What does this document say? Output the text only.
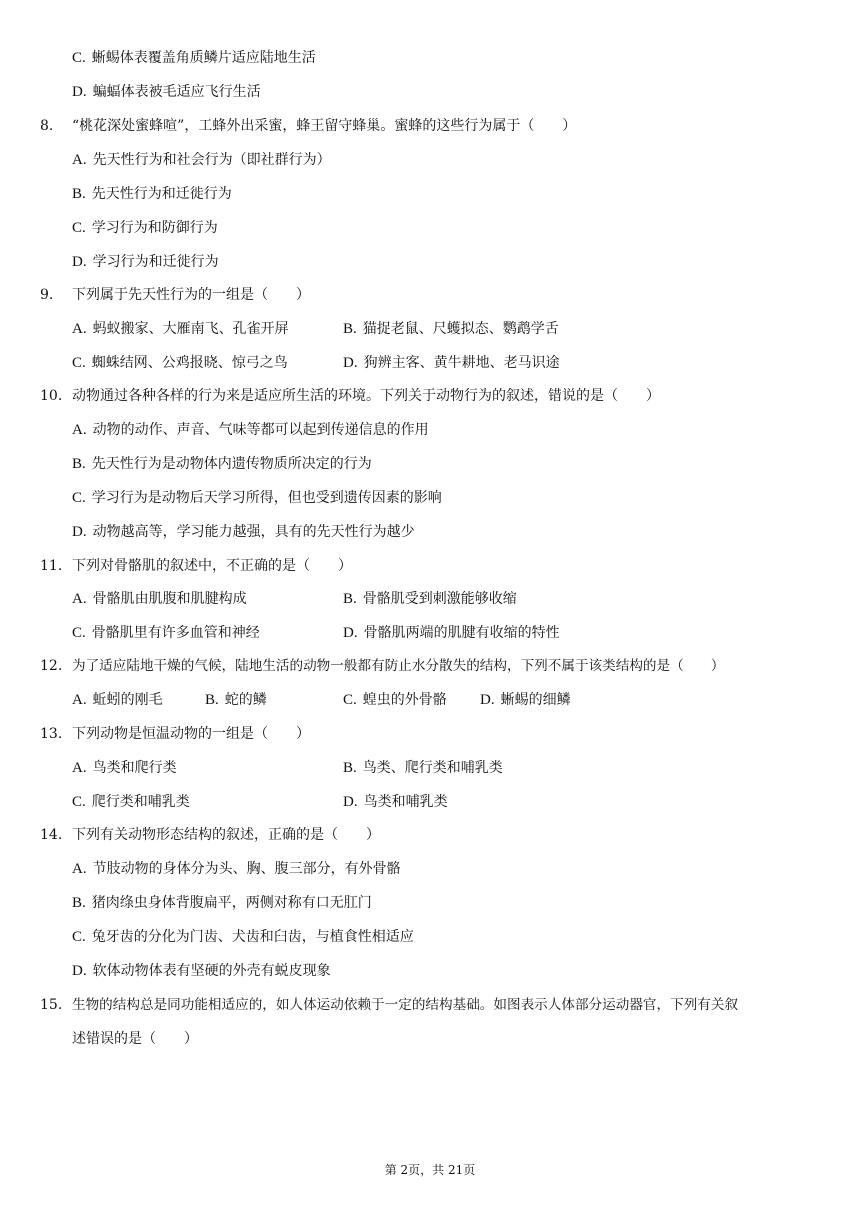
C. 蜥蜴体表覆盖角质鳞片适应陆地生活
D. 蝙蝠体表被毛适应飞行生活
8.	“桃花深处蜜蜂喧”，工蜂外出采蜜，蜂王留守蜂巢。蜜蜂的这些行为属于（　　）
A. 先天性行为和社会行为（即社群行为）
B. 先天性行为和迁徙行为
C. 学习行为和防御行为
D. 学习行为和迁徙行为
9.	下列属于先天性行为的一组是（　　）
A. 蚂蚁搬家、大雁南飞、孔雀开屏	B. 猫捉老鼠、尺蠖拟态、鹦鹉学舌
C. 蜘蛛结网、公鸡报晓、惊弓之鸟	D. 狗辨主客、黄牛耕地、老马识途
10. 动物通过各种各样的行为来是适应所生活的环境。下列关于动物行为的叙述，错说的是（　　）
A. 动物的动作、声音、气味等都可以起到传递信息的作用
B. 先天性行为是动物体内遗传物质所决定的行为
C. 学习行为是动物后天学习所得，但也受到遗传因素的影响
D. 动物越高等，学习能力越强，具有的先天性行为越少
11. 下列对骨骼肌的叙述中，不正确的是（　　）
A. 骨骼肌由肌腹和肌腱构成	B. 骨骼肌受到刺激能够收缩
C. 骨骼肌里有许多血管和神经	D. 骨骼肌两端的肌腱有收缩的特性
12. 为了适应陆地干燥的气候，陆地生活的动物一般都有防止水分散失的结构，下列不属于该类结构的是（　　）
A. 蚯蚓的刚毛	B. 蛇的鳞	C. 蝗虫的外骨骼 D. 蜥蜴的细鳞
13. 下列动物是恒温动物的一组是（　　）
A. 鸟类和爬行类	B. 鸟类、爬行类和哺乳类
C. 爬行类和哺乳类	D. 鸟类和哺乳类
14. 下列有关动物形态结构的叙述，正确的是（　　）
A. 节肢动物的身体分为头、胸、腹三部分，有外骨骼
B. 猪肉绦虫身体背腹扁平，两侧对称有口无肛门
C. 兔牙齿的分化为门齿、犬齿和臼齿，与植食性相适应
D. 软体动物体表有坚硬的外壳有蜕皮现象
15. 生物的结构总是同功能相适应的，如人体运动依赖于一定的结构基础。如图表示人体部分运动器官，下列有关叙
述错误的是（　　）
第 2页，共 21页
